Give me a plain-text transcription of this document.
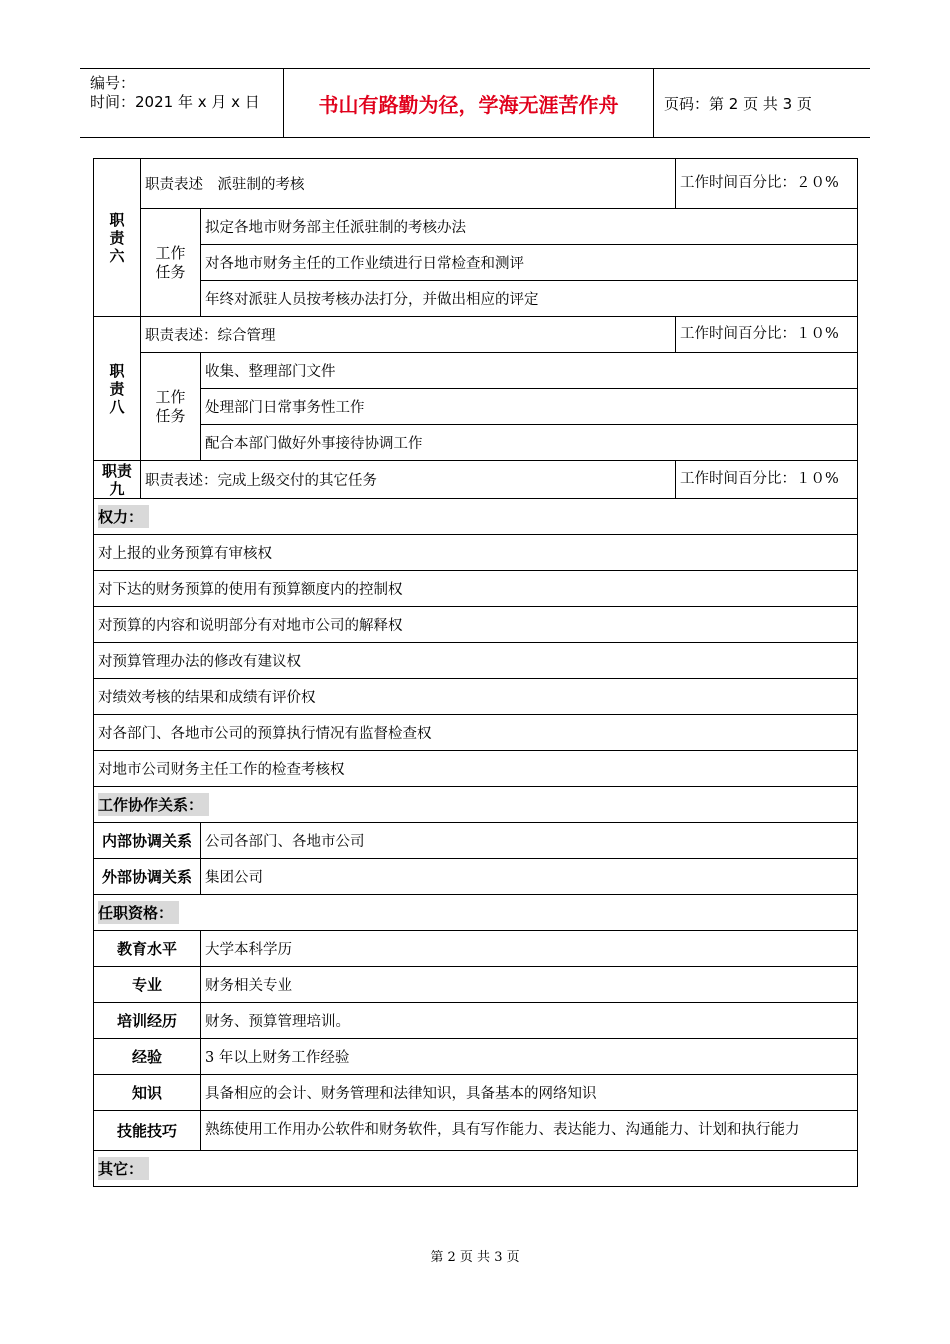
编号：
时间：2021 年 x 月 x 日	书山有路勤为径，学海无涯苦作舟	页码：第 2 页 共 3 页
职责六	职责表述　派驻制的考核		工作时间百分比：２０%
	工作任务	拟定各地市财务部主任派驻制的考核办法	
		对各地市财务主任的工作业绩进行日常检查和测评	
		年终对派驻人员按考核办法打分，并做出相应的评定	
职责八	职责表述：综合管理		工作时间百分比：１０%
	工作任务	收集、整理部门文件	
		处理部门日常事务性工作	
		配合本部门做好外事接待协调工作	
职责九	职责表述：完成上级交付的其它任务		工作时间百分比：１０%
权力：			
对上报的业务预算有审核权			
对下达的财务预算的使用有预算额度内的控制权			
对预算的内容和说明部分有对地市公司的解释权			
对预算管理办法的修改有建议权			
对绩效考核的结果和成绩有评价权			
对各部门、各地市公司的预算执行情况有监督检查权			
对地市公司财务主任工作的检查考核权			
工作协作关系：			
内部协调关系		公司各部门、各地市公司	
外部协调关系		集团公司	
任职资格：			
教育水平		大学本科学历	
专业		财务相关专业	
培训经历		财务、预算管理培训。	
经验		3 年以上财务工作经验	
知识		具备相应的会计、财务管理和法律知识，具备基本的网络知识	
技能技巧		熟练使用工作用办公软件和财务软件，具有写作能力、表达能力、沟通能力、计划和执行能力	
其它：			
第 2 页 共 3 页
